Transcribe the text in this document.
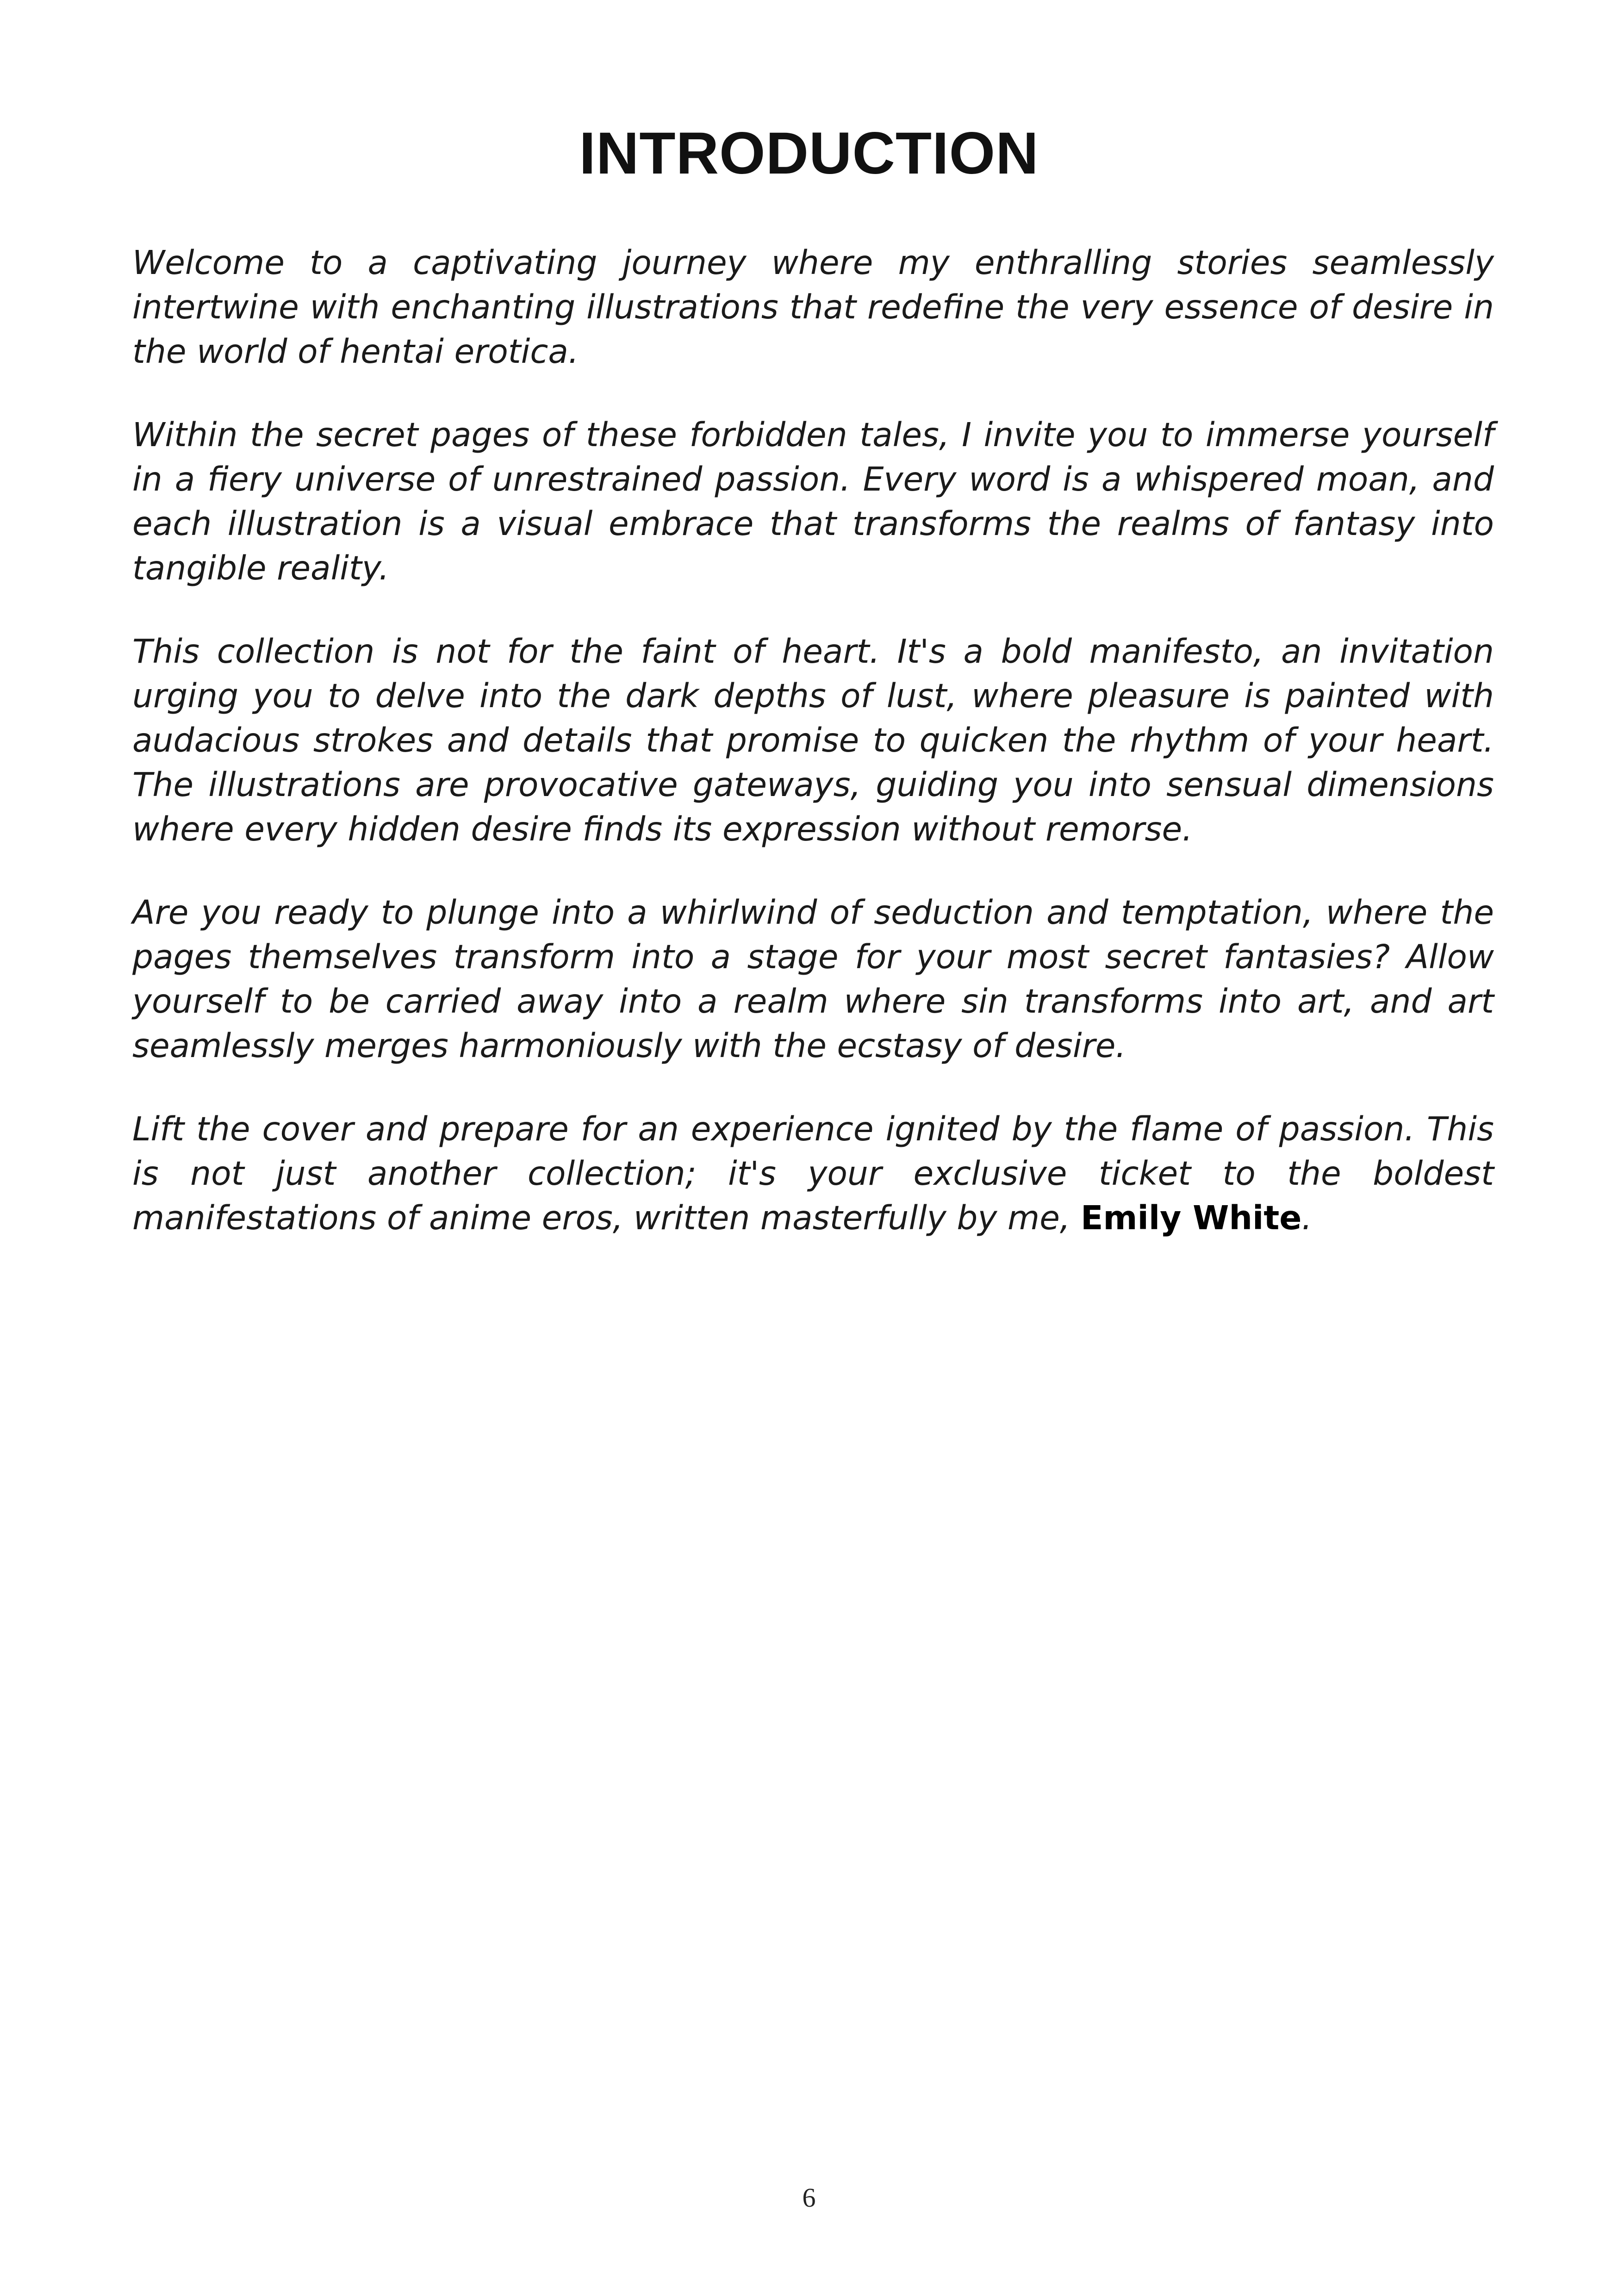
INTRODUCTION

Welcome to a captivating journey where my enthralling stories seamlessly intertwine with enchanting illustrations that redefine the very essence of desire in the world of hentai erotica.

Within the secret pages of these forbidden tales, I invite you to immerse yourself in a fiery universe of unrestrained passion. Every word is a whispered moan, and each illustration is a visual embrace that transforms the realms of fantasy into tangible reality.

This collection is not for the faint of heart. It's a bold manifesto, an invitation urging you to delve into the dark depths of lust, where pleasure is painted with audacious strokes and details that promise to quicken the rhythm of your heart. The illustrations are provocative gateways, guiding you into sensual dimensions where every hidden desire finds its expression without remorse.

Are you ready to plunge into a whirlwind of seduction and temptation, where the pages themselves transform into a stage for your most secret fantasies? Allow yourself to be carried away into a realm where sin transforms into art, and art seamlessly merges harmoniously with the ecstasy of desire.

Lift the cover and prepare for an experience ignited by the flame of passion. This is not just another collection; it's your exclusive ticket to the boldest manifestations of anime eros, written masterfully by me, Emily White.

6
